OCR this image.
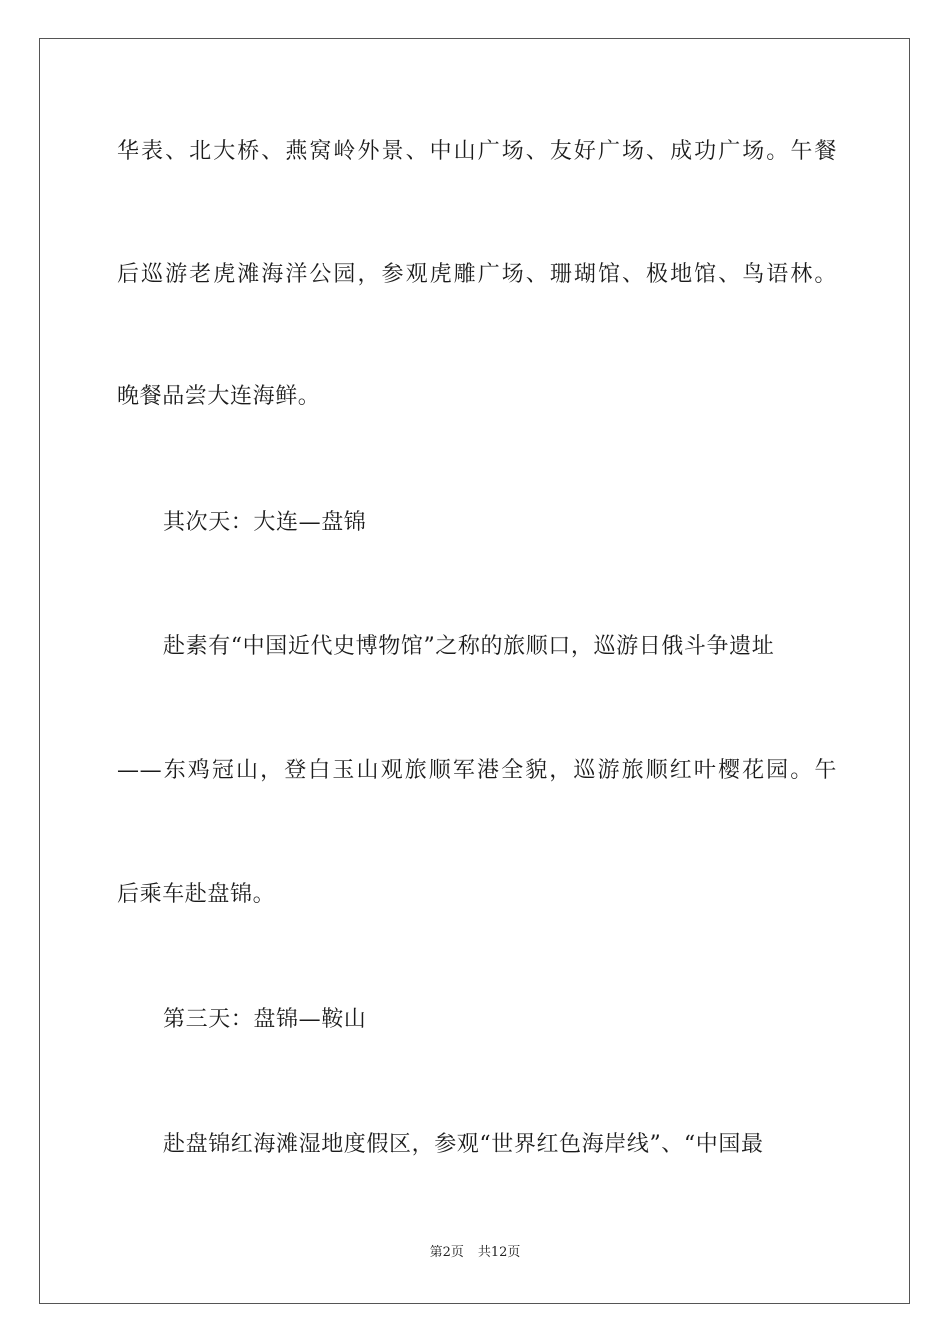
华表、北大桥、燕窝岭外景、中山广场、友好广场、成功广场。午餐
后巡游老虎滩海洋公园，参观虎雕广场、珊瑚馆、极地馆、鸟语林。
晚餐品尝大连海鲜。
其次天：大连—盘锦
赴素有“中国近代史博物馆”之称的旅顺口，巡游日俄斗争遗址
——东鸡冠山，登白玉山观旅顺军港全貌，巡游旅顺红叶樱花园。午
后乘车赴盘锦。
第三天：盘锦—鞍山
赴盘锦红海滩湿地度假区，参观“世界红色海岸线”、“中国最
第2页 共12页
